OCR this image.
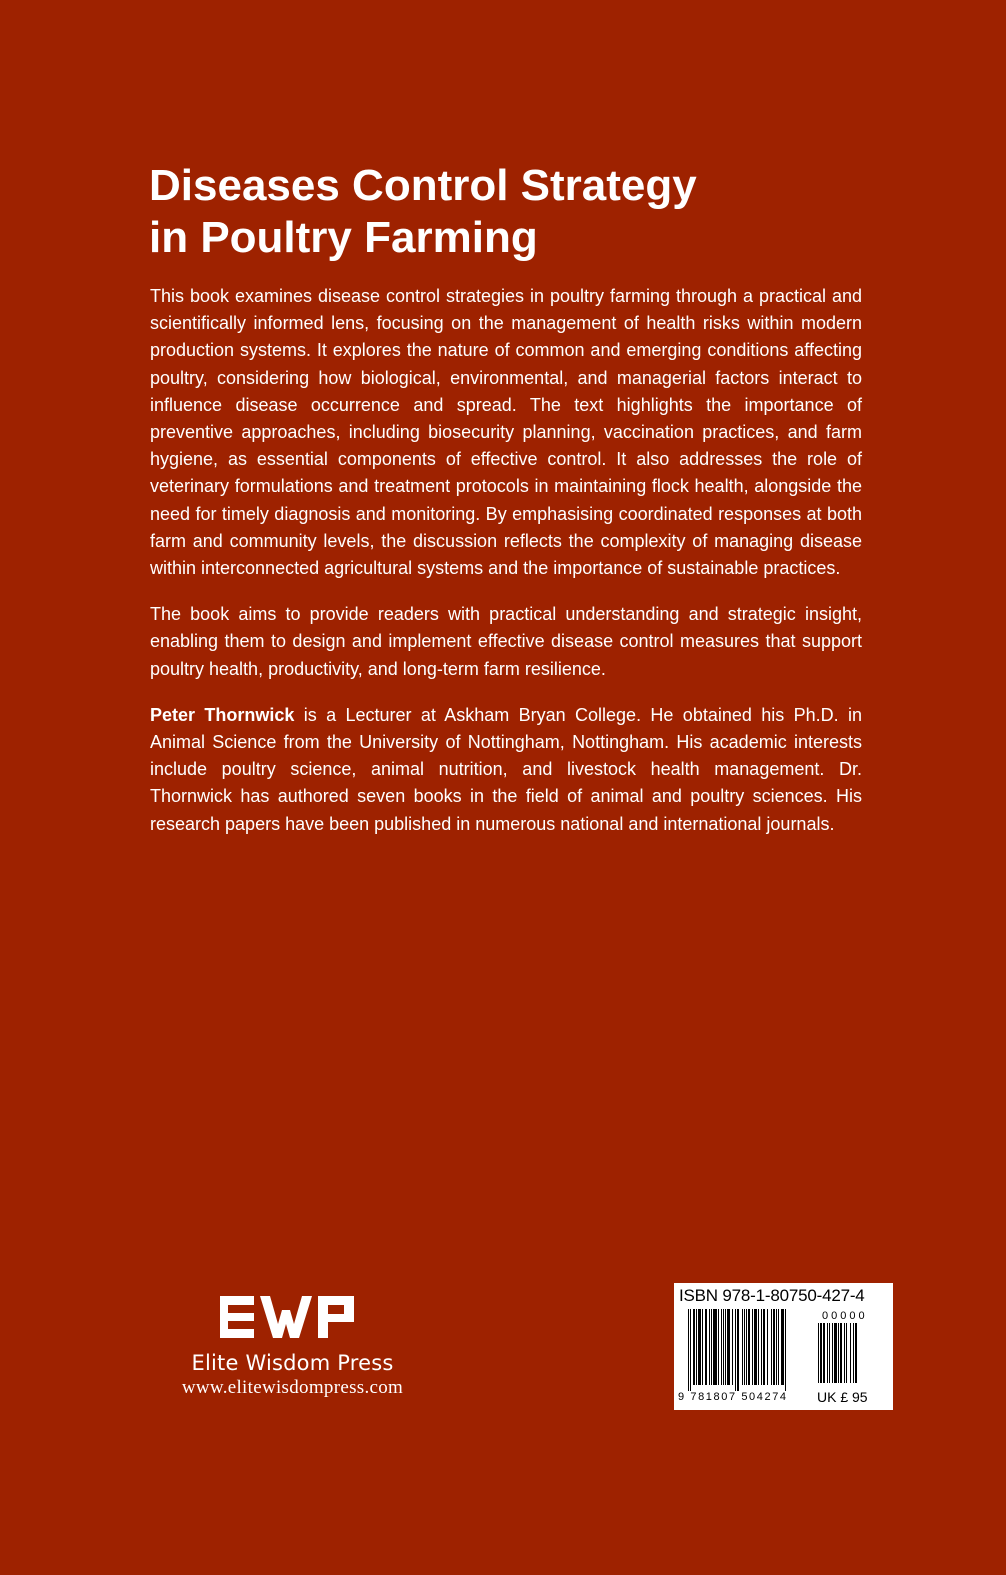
Diseases Control Strategy
in Poultry Farming

This book examines disease control strategies in poultry farming through a practical and scientifically informed lens, focusing on the management of health risks within modern production systems. It explores the nature of common and emerging conditions affecting poultry, considering how biological, environmental, and managerial factors interact to influence disease occurrence and spread. The text highlights the importance of preventive approaches, including biosecurity planning, vaccination practices, and farm hygiene, as essential components of effective control. It also addresses the role of veterinary formulations and treatment protocols in maintaining flock health, alongside the need for timely diagnosis and monitoring. By emphasising coordinated responses at both farm and community levels, the discussion reflects the complexity of managing disease within interconnected agricultural systems and the importance of sustainable practices.

The book aims to provide readers with practical understanding and strategic insight, enabling them to design and implement effective disease control measures that support poultry health, productivity, and long-term farm resilience.

Peter Thornwick is a Lecturer at Askham Bryan College. He obtained his Ph.D. in Animal Science from the University of Nottingham, Nottingham. His academic interests include poultry science, animal nutrition, and livestock health management. Dr. Thornwick has authored seven books in the field of animal and poultry sciences. His research papers have been published in numerous national and international journals.

Elite Wisdom Press
www.elitewisdompress.com
ISBN 978-1-80750-427-4
00000
9 781807 504274 UK £ 95
